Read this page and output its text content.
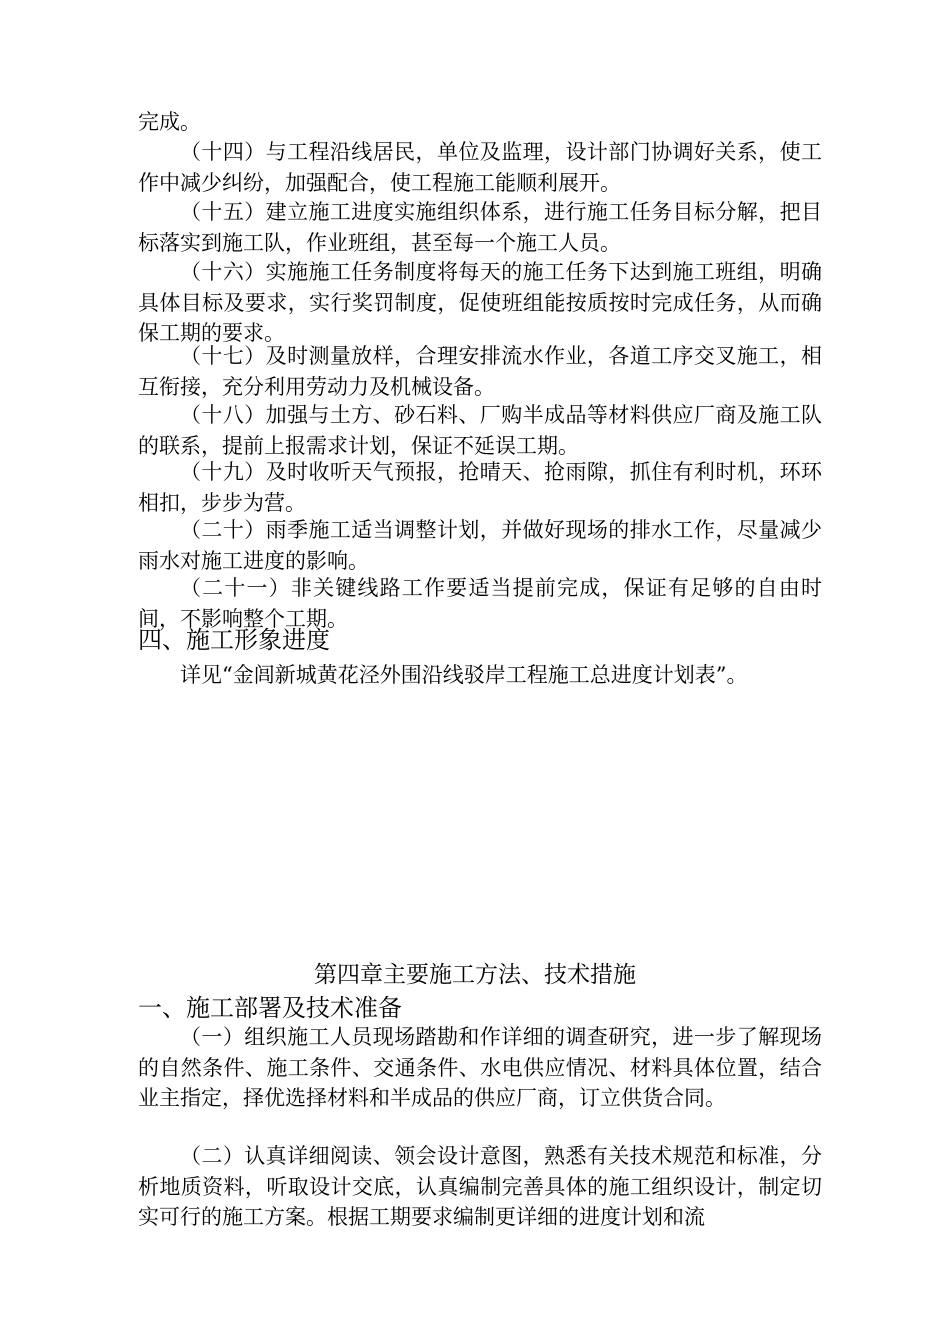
完成。

（十四）与工程沿线居民，单位及监理，设计部门协调好关系，使工作中减少纠纷，加强配合，使工程施工能顺利展开。

（十五）建立施工进度实施组织体系，进行施工任务目标分解，把目标落实到施工队，作业班组，甚至每一个施工人员。

（十六）实施施工任务制度将每天的施工任务下达到施工班组，明确具体目标及要求，实行奖罚制度，促使班组能按质按时完成任务，从而确保工期的要求。

（十七）及时测量放样，合理安排流水作业，各道工序交叉施工，相互衔接，充分利用劳动力及机械设备。

（十八）加强与土方、砂石料、厂购半成品等材料供应厂商及施工队的联系，提前上报需求计划，保证不延误工期。

（十九）及时收听天气预报，抢晴天、抢雨隙，抓住有利时机，环环相扣，步步为营。

（二十）雨季施工适当调整计划，并做好现场的排水工作，尽量减少雨水对施工进度的影响。

（二十一）非关键线路工作要适当提前完成，保证有足够的自由时间，不影响整个工期。

四、施工形象进度

详见“金闾新城黄花泾外围沿线驳岸工程施工总进度计划表”。

第四章主要施工方法、技术措施
一、施工部署及技术准备

（一）组织施工人员现场踏勘和作详细的调查研究，进一步了解现场的自然条件、施工条件、交通条件、水电供应情况、材料具体位置，结合业主指定，择优选择材料和半成品的供应厂商，订立供货合同。

（二）认真详细阅读、领会设计意图，熟悉有关技术规范和标准，分析地质资料，听取设计交底，认真编制完善具体的施工组织设计，制定切实可行的施工方案。根据工期要求编制更详细的进度计划和流
